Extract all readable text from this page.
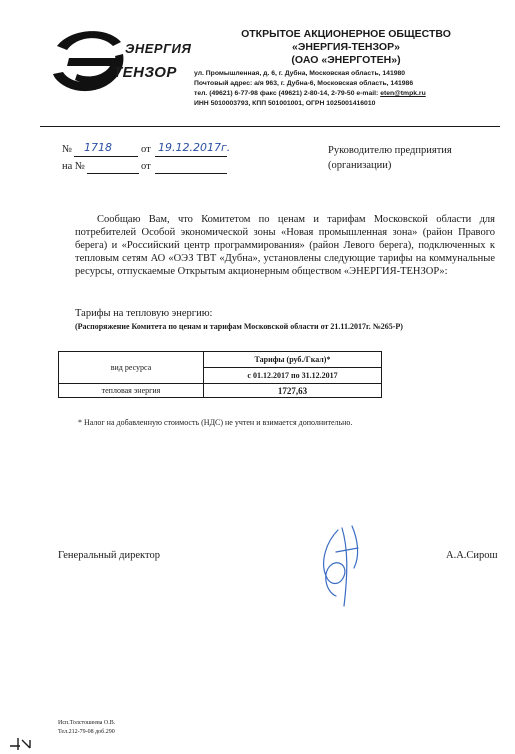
ЭНЕРГИЯ
ТЕНЗОР
ОТКРЫТОЕ АКЦИОНЕРНОЕ ОБЩЕСТВО
«ЭНЕРГИЯ-ТЕНЗОР»
(ОАО «ЭНЕРГОТЕН»)
ул. Промышленная, д. 6, г. Дубна, Московская область, 141980
Почтовый адрес: а/я 963, г. Дубна-6, Московская область, 141986
тел. (49621) 6-77-98 факс (49621) 2-80-14, 2-79-50 e-mail: eten@tmpk.ru
ИНН 5010003793, КПП 501001001, ОГРН 1025001416010
№ 1718	от 19.12.2017г.
на №	от
Руководителю предприятия
(организации)
Сообщаю Вам, что Комитетом по ценам и тарифам Московской области для потребителей Особой экономической зоны «Новая промышленная зона» (район Правого берега) и «Российский центр программирования» (район Левого берега), подключенных к тепловым сетям АО «ОЭЗ ТВТ «Дубна», установлены следующие тарифы на коммунальные ресурсы, отпускаемые Открытым акционерным обществом «ЭНЕРГИЯ-ТЕНЗОР»:
Тарифы на тепловую энергию:
(Распоряжение Комитета по ценам и тарифам Московской области от 21.11.2017г. №265-Р)
вид ресурса	Тарифы (руб./Гкал)*
	с 01.12.2017 по 31.12.2017
тепловая энергия	1727,63
* Налог на добавленную стоимость (НДС) не учтен и взимается дополнительно.
Генеральный директор	А.А.Сирош
Исп.Толстошеева О.В.
Тел.212-79-08 доб.290
